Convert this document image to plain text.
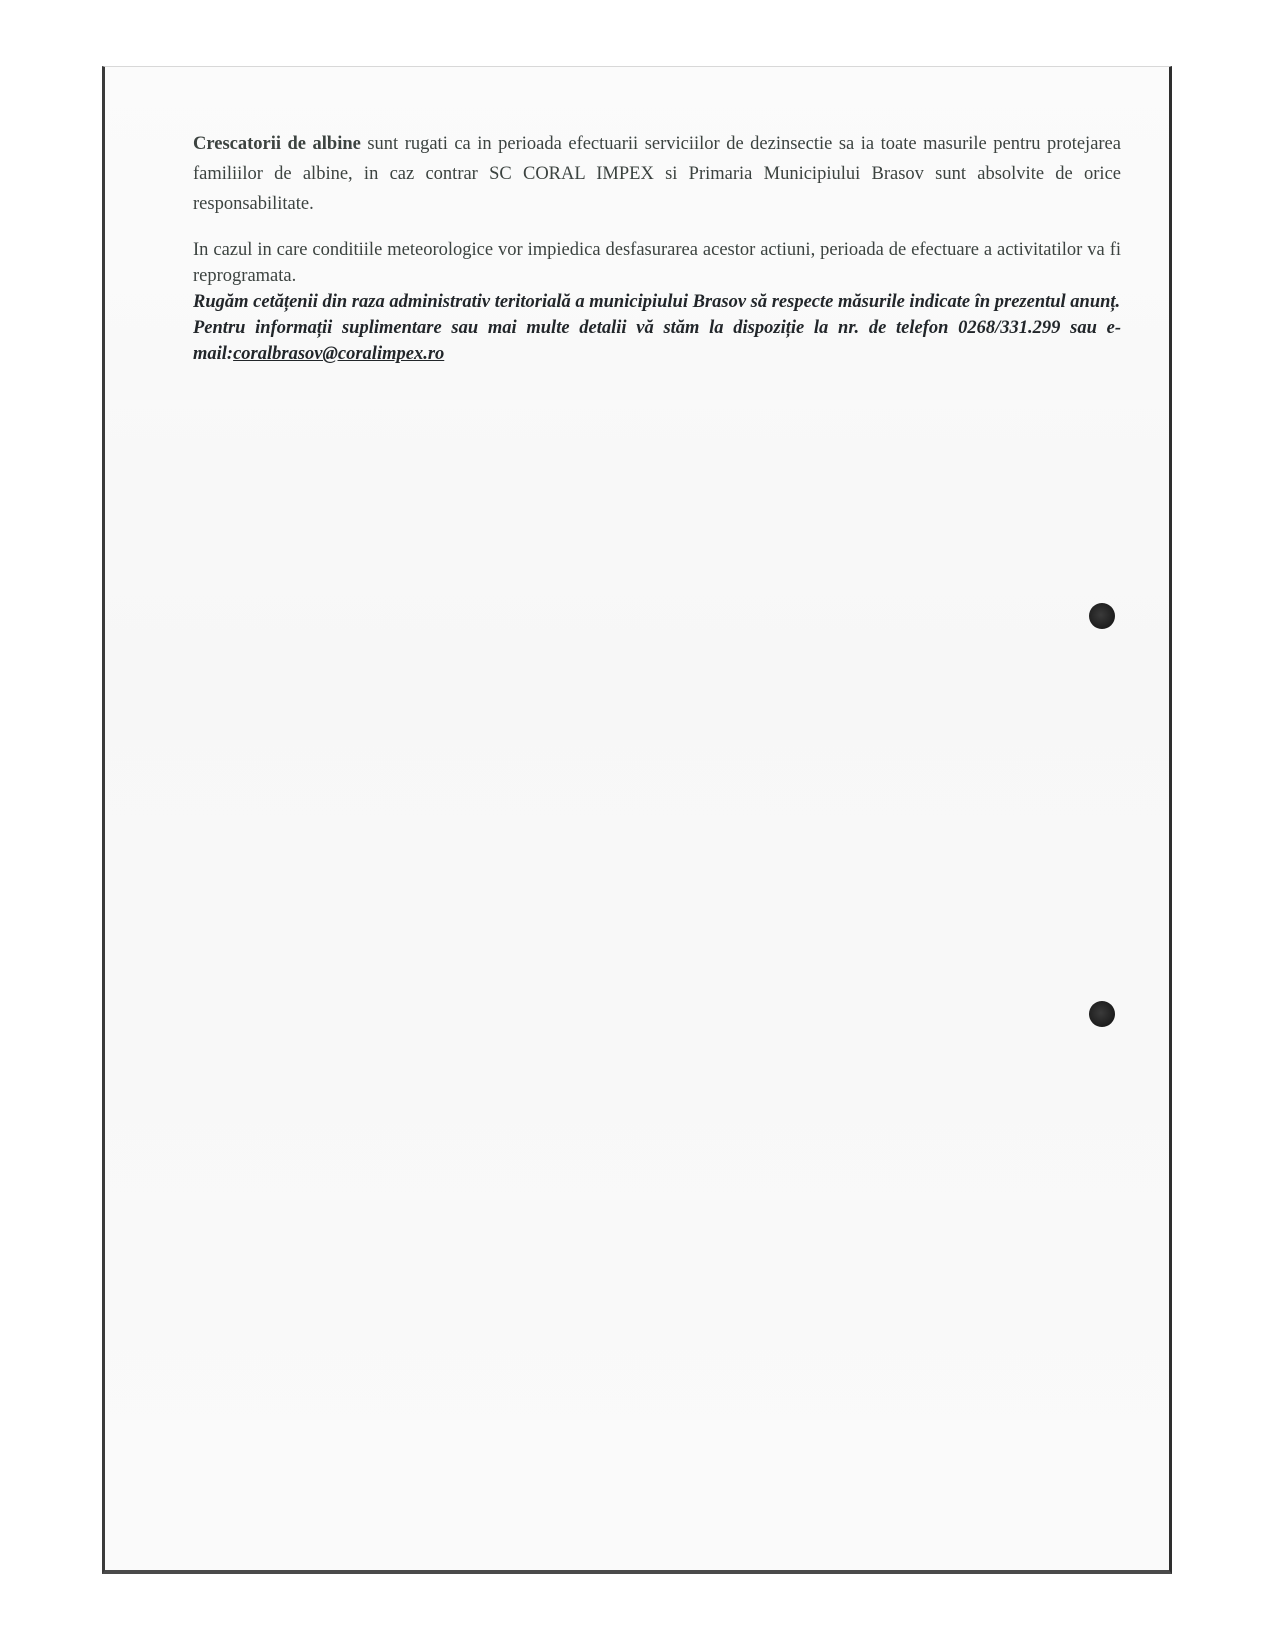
Crescatorii de albine sunt rugati ca in perioada efectuarii serviciilor de dezinsectie sa ia toate masurile pentru protejarea familiilor de albine, in caz contrar SC CORAL IMPEX si Primaria Municipiului Brasov sunt absolvite de orice responsabilitate.

In cazul in care conditiile meteorologice vor impiedica desfasurarea acestor actiuni, perioada de efectuare a activitatilor va fi reprogramata.

Rugăm cetățenii din raza administrativ teritorială a municipiului Brasov să respecte măsurile indicate în prezentul anunț.

Pentru informații suplimentare sau mai multe detalii vă stăm la dispoziție la nr. de telefon 0268/331.299 sau e-mail:coralbrasov@coralimpex.ro
